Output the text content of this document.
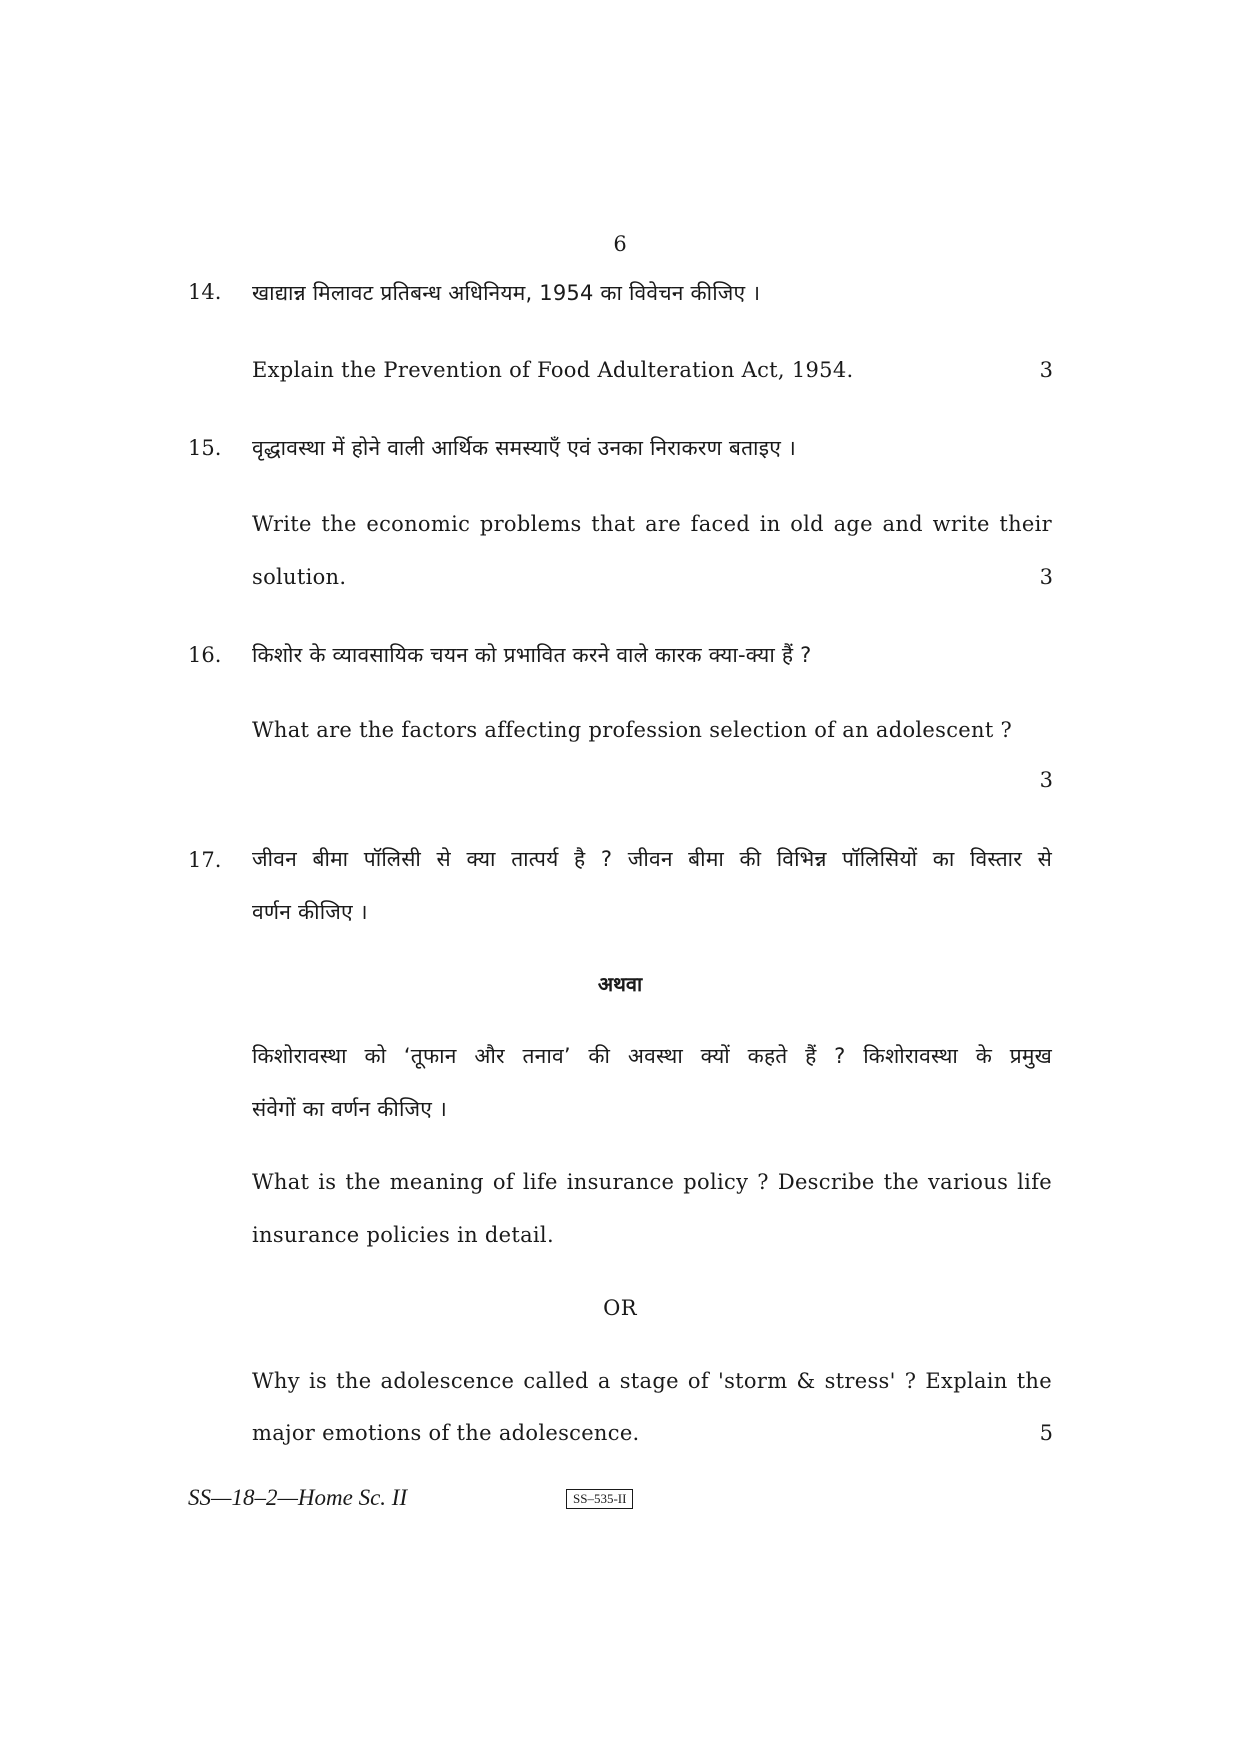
6
14. खाद्यान्न मिलावट प्रतिबन्ध अधिनियम, 1954 का विवेचन कीजिए ।
Explain the Prevention of Food Adulteration Act, 1954.	3
15. वृद्धावस्था में होने वाली आर्थिक समस्याएँ एवं उनका निराकरण बताइए ।
Write the economic problems that are faced in old age and write their
solution.	3
16. किशोर के व्यावसायिक चयन को प्रभावित करने वाले कारक क्या-क्या हैं ?
What are the factors affecting profession selection of an adolescent ?
3
17. जीवन बीमा पॉलिसी से क्या तात्पर्य है ? जीवन बीमा की विभिन्न पॉलिसियों का विस्तार से
वर्णन कीजिए ।
अथवा
किशोरावस्था को ‘तूफान और तनाव’ की अवस्था क्यों कहते हैं ? किशोरावस्था के प्रमुख
संवेगों का वर्णन कीजिए ।
What is the meaning of life insurance policy ? Describe the various life
insurance policies in detail.
OR
Why is the adolescence called a stage of 'storm & stress' ? Explain the
major emotions of the adolescence.	5
SS—18–2—Home Sc. II	SS–535-II
